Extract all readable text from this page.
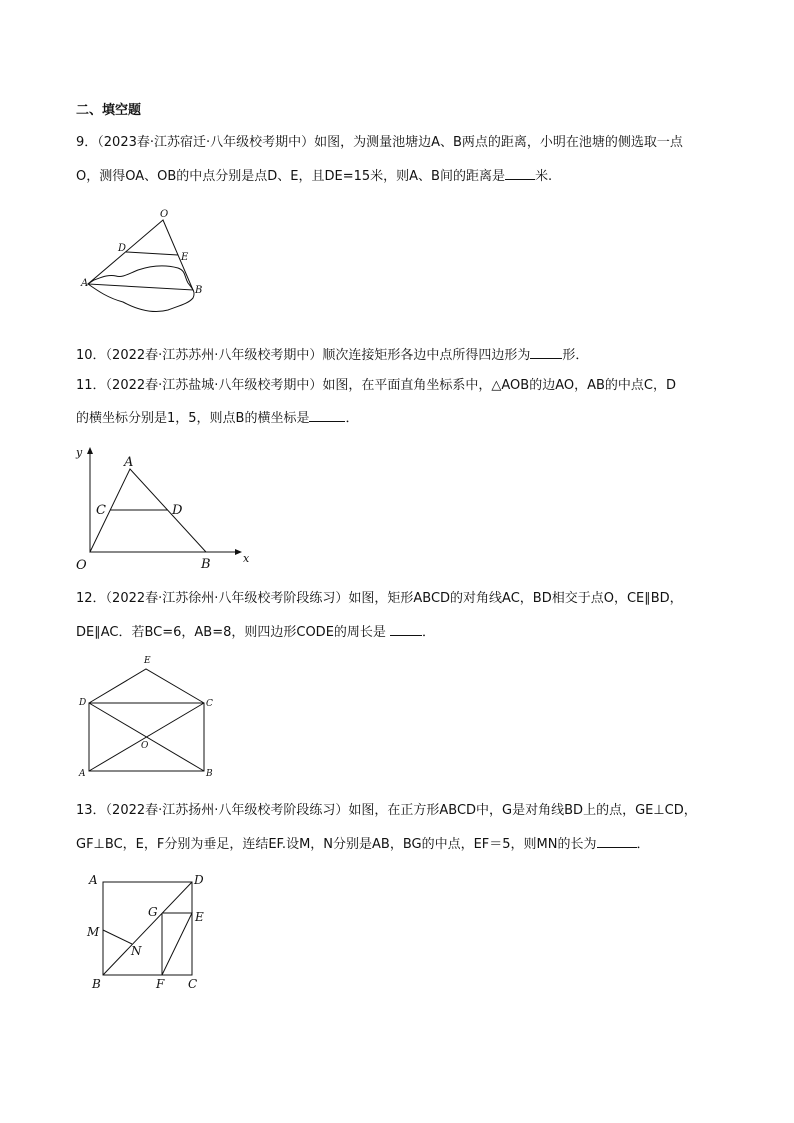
二、填空题
9．（2023春·江苏宿迁·八年级校考期中）如图，为测量池塘边A、B两点的距离，小明在池塘的侧选取一点
O，测得OA、OB的中点分别是点D、E，且DE=15米，则A、B间的距离是 米.
O
D
E
A
B
10．（2022春·江苏苏州·八年级校考期中）顺次连接矩形各边中点所得四边形为 形．
11．（2022春·江苏盐城·八年级校考期中）如图，在平面直角坐标系中，△AOB的边AO，AB的中点C，D
的横坐标分别是1，5，则点B的横坐标是	．
y
x
A
C	D
O	B
12．（2022春·江苏徐州·八年级校考阶段练习）如图，矩形ABCD的对角线AC，BD相交于点O，CE∥BD，
DE∥AC．若BC=6，AB=8，则四边形CODE的周长是	．
E
D	C
O
A	B
13．（2022春·江苏扬州·八年级校考阶段练习）如图，在正方形ABCD中，G是对角线BD上的点，GE⊥CD，
GF⊥BC，E，F分别为垂足，连结EF.设M，N分别是AB，BG的中点，EF＝5，则MN的长为	．
A	D
G	E
M
N
B	F C
